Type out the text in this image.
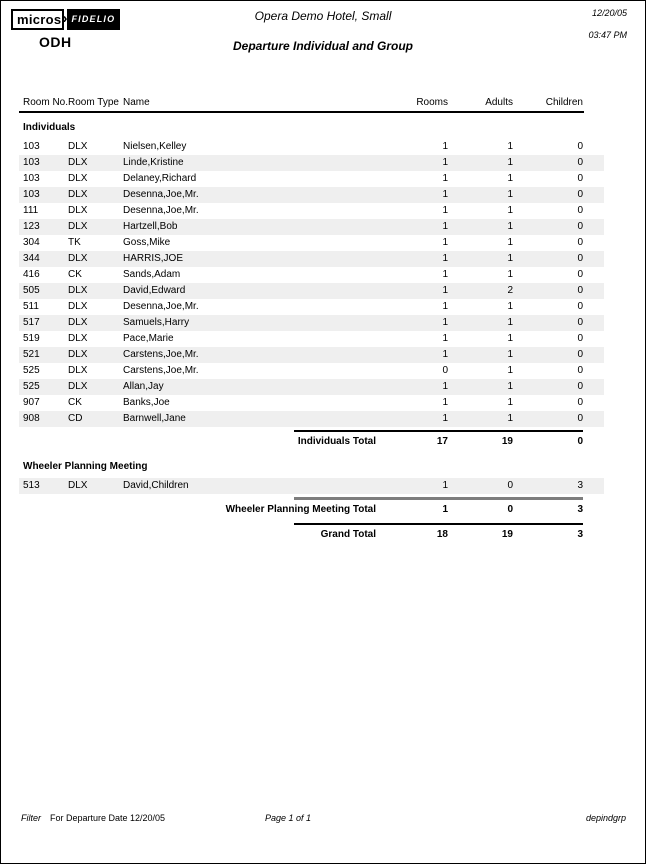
micros › FIDELIO
ODH
Opera Demo Hotel, Small
Departure Individual and Group
12/20/05
03:47 PM
Room No. Room Type Name	Rooms	Adults	Children
Individuals
103	DLX	Nielsen,Kelley	1	1	0
103	DLX	Linde,Kristine	1	1	0
103	DLX	Delaney,Richard	1	1	0
103	DLX	Desenna,Joe,Mr.	1	1	0
111	DLX	Desenna,Joe,Mr.	1	1	0
123	DLX	Hartzell,Bob	1	1	0
304	TK	Goss,Mike	1	1	0
344	DLX	HARRIS,JOE	1	1	0
416	CK	Sands,Adam	1	1	0
505	DLX	David,Edward	1	2	0
511	DLX	Desenna,Joe,Mr.	1	1	0
517	DLX	Samuels,Harry	1	1	0
519	DLX	Pace,Marie	1	1	0
521	DLX	Carstens,Joe,Mr.	1	1	0
525	DLX	Carstens,Joe,Mr.	0	1	0
525	DLX	Allan,Jay	1	1	0
907	CK	Banks,Joe	1	1	0
908	CD	Barnwell,Jane	1	1	0
Individuals Total	17	19	0
Wheeler Planning Meeting
513	DLX	David,Children	1	0	3
Wheeler Planning Meeting Total	1	0	3
Grand Total	18	19	3
Filter For Departure Date 12/20/05	Page 1 of 1	depindgrp
